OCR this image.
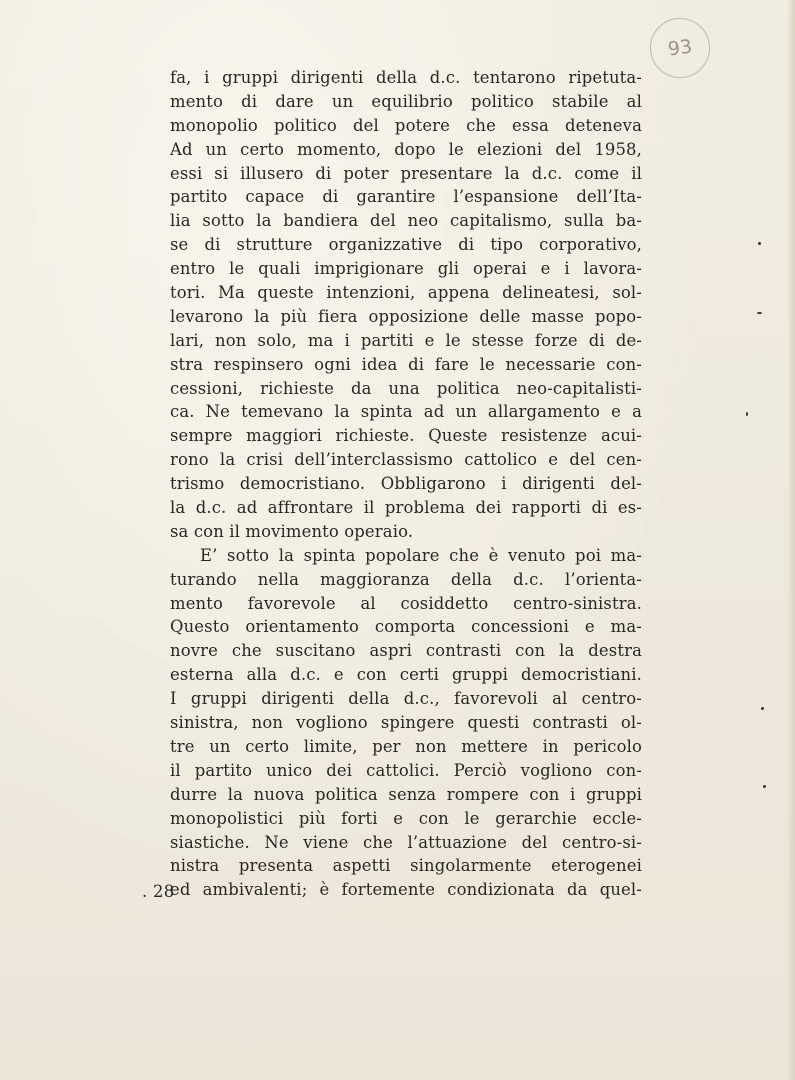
93
fa, i gruppi dirigenti della d.c. tentarono ripetuta-
mento di dare un equilibrio politico stabile al
monopolio politico del potere che essa deteneva
Ad un certo momento, dopo le elezioni del 1958,
essi si illusero di poter presentare la d.c. come il
partito capace di garantire l’espansione dell’Ita-
lia sotto la bandiera del neo capitalismo, sulla ba-
se di strutture organizzative di tipo corporativo,
entro le quali imprigionare gli operai e i lavora-
tori. Ma queste intenzioni, appena delineatesi, sol-
levarono la più fiera opposizione delle masse popo-
lari, non solo, ma i partiti e le stesse forze di de-
stra respinsero ogni idea di fare le necessarie con-
cessioni, richieste da una politica neo-capitalisti-
ca. Ne temevano la spinta ad un allargamento e a
sempre maggiori richieste. Queste resistenze acui-
rono la crisi dell’interclassismo cattolico e del cen-
trismo democristiano. Obbligarono i dirigenti del-
la d.c. ad affrontare il problema dei rapporti di es-
sa con il movimento operaio.
E’ sotto la spinta popolare che è venuto poi ma-
turando nella maggioranza della d.c. l’orienta-
mento favorevole al cosiddetto centro-sinistra.
Questo orientamento comporta concessioni e ma-
novre che suscitano aspri contrasti con la destra
esterna alla d.c. e con certi gruppi democristiani.
I gruppi dirigenti della d.c., favorevoli al centro-
sinistra, non vogliono spingere questi contrasti ol-
tre un certo limite, per non mettere in pericolo
il partito unico dei cattolici. Perciò vogliono con-
durre la nuova politica senza rompere con i gruppi
monopolistici più forti e con le gerarchie eccle-
siastiche. Ne viene che l’attuazione del centro-si-
nistra presenta aspetti singolarmente eterogenei
ed ambivalenti; è fortemente condizionata da quel-
. 28
